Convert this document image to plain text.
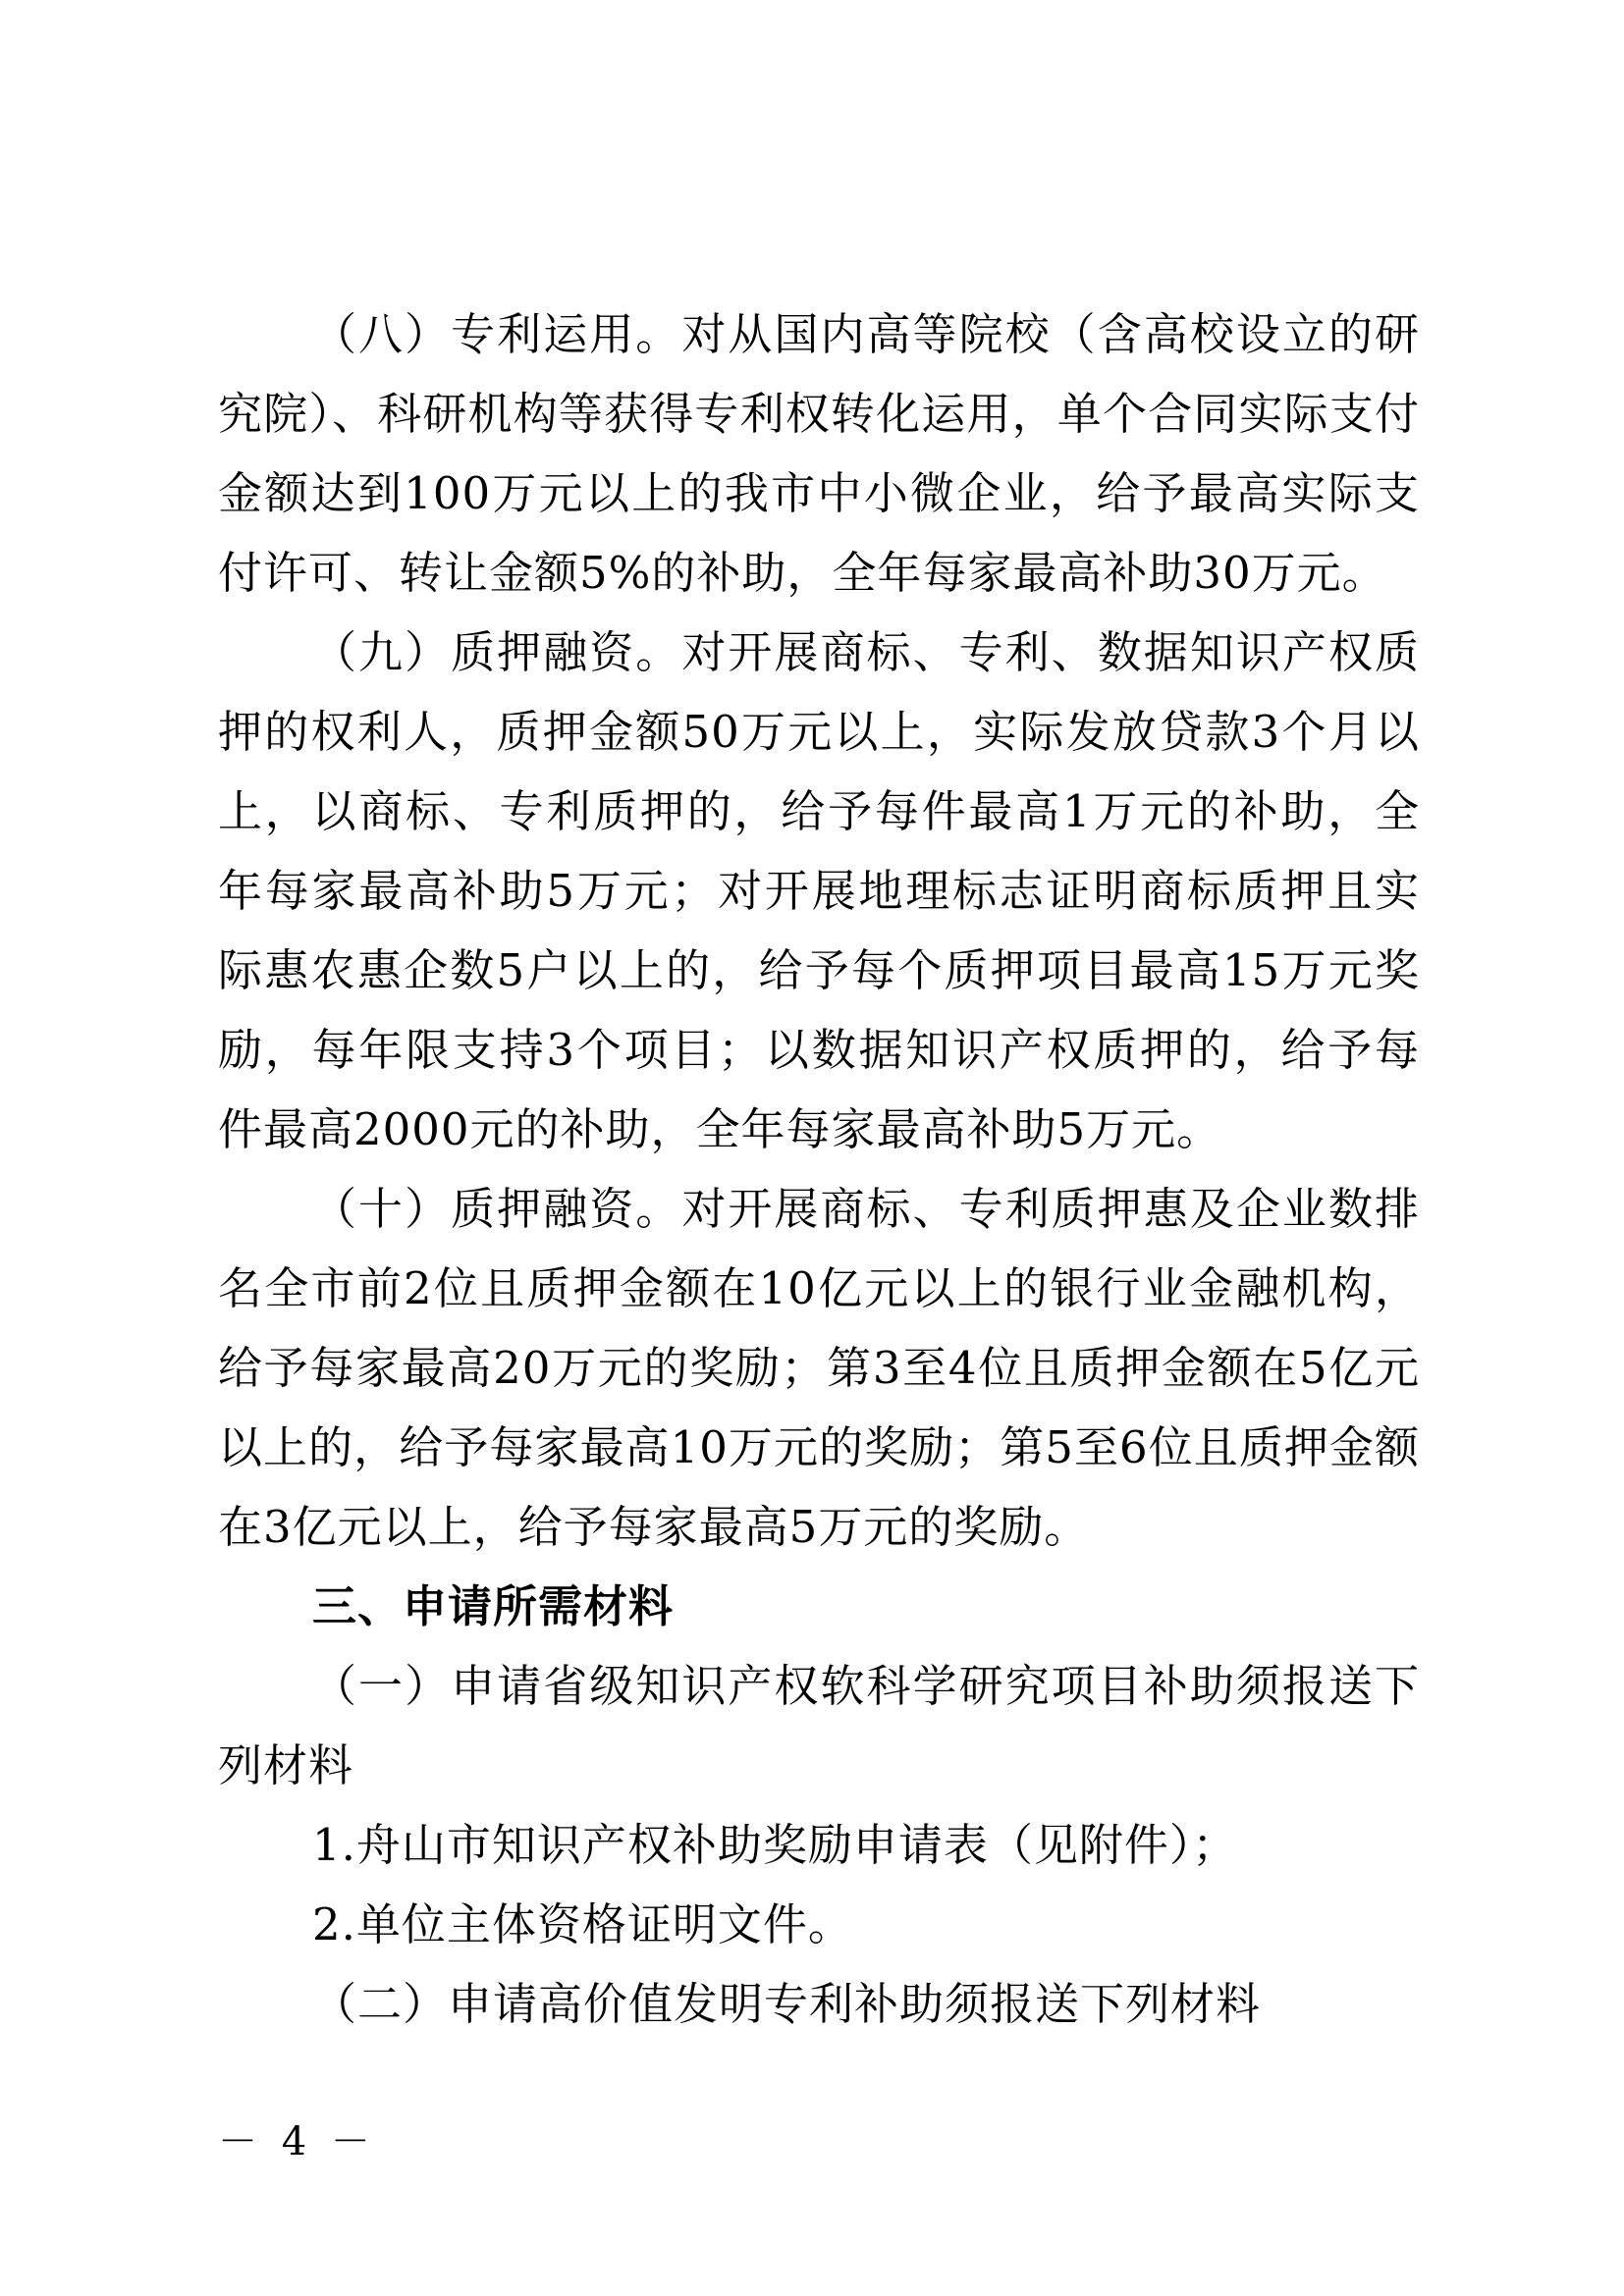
（八）专利运用。对从国内高等院校（含高校设立的研究院）、科研机构等获得专利权转化运用，单个合同实际支付金额达到100万元以上的我市中小微企业，给予最高实际支付许可、转让金额5%的补助，全年每家最高补助30万元。

（九）质押融资。对开展商标、专利、数据知识产权质押的权利人，质押金额50万元以上，实际发放贷款3个月以上，以商标、专利质押的，给予每件最高1万元的补助，全年每家最高补助5万元；对开展地理标志证明商标质押且实际惠农惠企数5户以上的，给予每个质押项目最高15万元奖励，每年限支持3个项目；以数据知识产权质押的，给予每件最高2000元的补助，全年每家最高补助5万元。

（十）质押融资。对开展商标、专利质押惠及企业数排名全市前2位且质押金额在10亿元以上的银行业金融机构，给予每家最高20万元的奖励；第3至4位且质押金额在5亿元以上的，给予每家最高10万元的奖励；第5至6位且质押金额在3亿元以上，给予每家最高5万元的奖励。

三、申请所需材料

（一）申请省级知识产权软科学研究项目补助须报送下列材料

1.舟山市知识产权补助奖励申请表（见附件）；

2.单位主体资格证明文件。

（二）申请高价值发明专利补助须报送下列材料

－ 4 －
